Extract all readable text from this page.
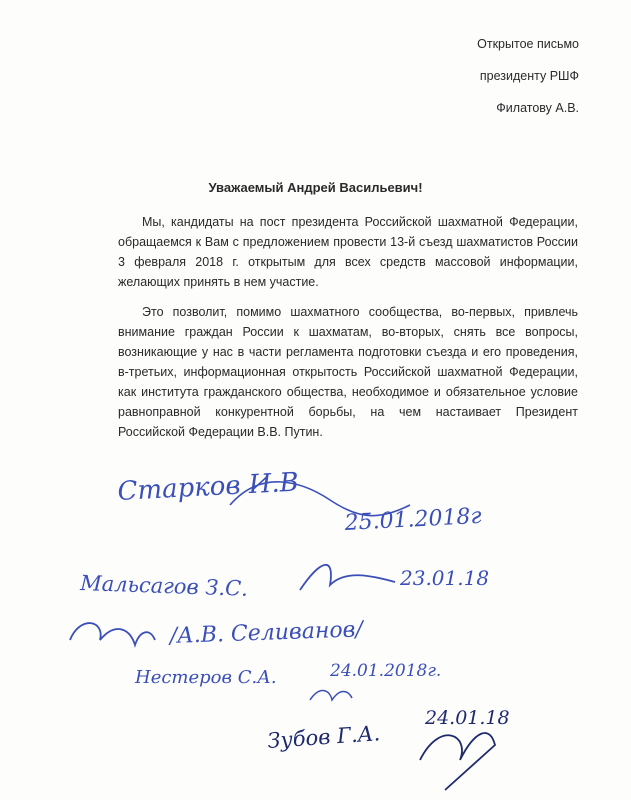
Открытое письмо
президенту РШФ
Филатову А.В.
Уважаемый Андрей Васильевич!

Мы, кандидаты на пост президента Российской шахматной Федерации, обращаемся к Вам с предложением провести 13-й съезд шахматистов России 3 февраля 2018 г. открытым для всех средств массовой информации, желающих принять в нем участие.

Это позволит, помимо шахматного сообщества, во-первых, привлечь внимание граждан России к шахматам, во-вторых, снять все вопросы, возникающие у нас в части регламента подготовки съезда и его проведения, в-третьих, информационная открытость Российской шахматной Федерации, как института гражданского общества, необходимое и обязательное условие равноправной конкурентной борьбы, на чем настаивает Президент Российской Федерации В.В. Путин.

Старков И.В
25.01.2018г
Мальсагов З.С.	23.01.18
/А.В. Селиванов/
Нестеров С.А.	24.01.2018г.
Зубов Г.А.
24.01.18
